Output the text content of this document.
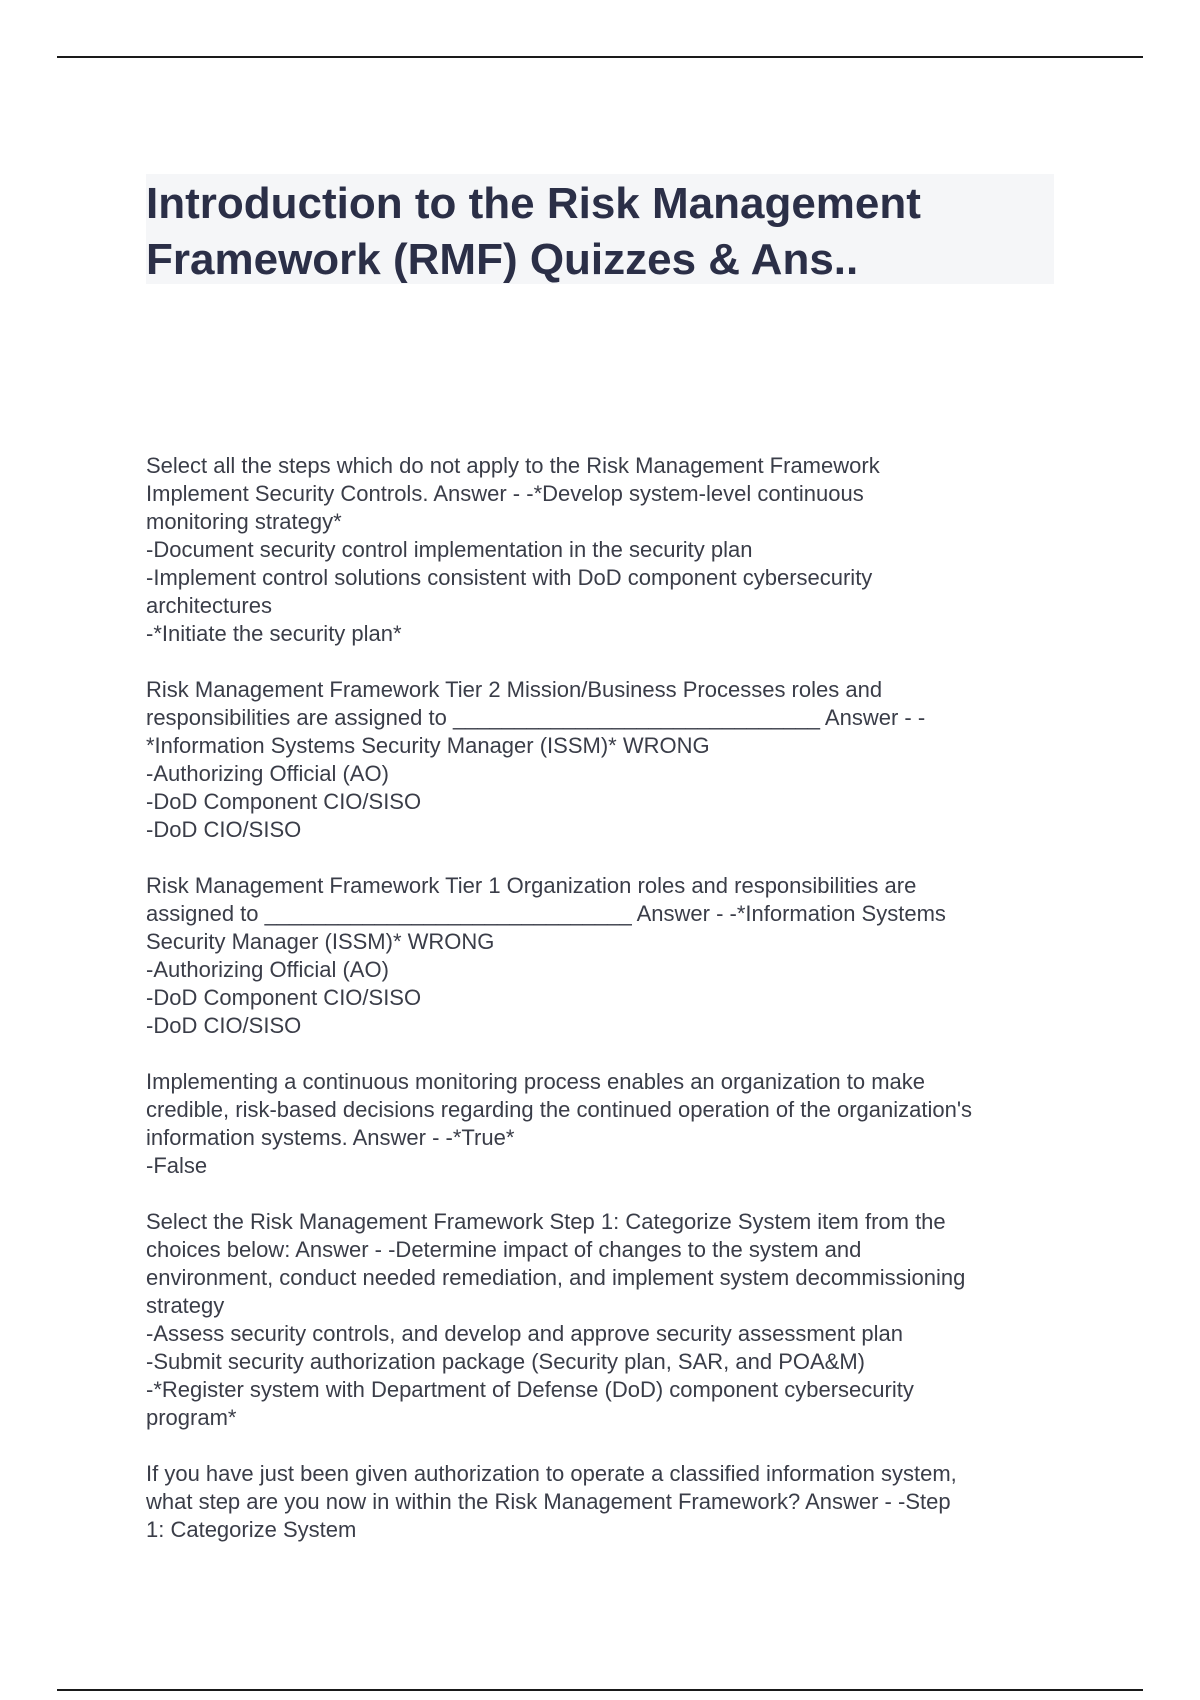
Introduction to the Risk Management
Framework (RMF) Quizzes & Ans..
Select all the steps which do not apply to the Risk Management Framework
Implement Security Controls. Answer - -*Develop system-level continuous
monitoring strategy*
-Document security control implementation in the security plan
-Implement control solutions consistent with DoD component cybersecurity
architectures
-*Initiate the security plan*
Risk Management Framework Tier 2 Mission/Business Processes roles and
responsibilities are assigned to ______________________________ Answer - -
*Information Systems Security Manager (ISSM)* WRONG
-Authorizing Official (AO)
-DoD Component CIO/SISO
-DoD CIO/SISO
Risk Management Framework Tier 1 Organization roles and responsibilities are
assigned to ______________________________ Answer - -*Information Systems
Security Manager (ISSM)* WRONG
-Authorizing Official (AO)
-DoD Component CIO/SISO
-DoD CIO/SISO
Implementing a continuous monitoring process enables an organization to make
credible, risk-based decisions regarding the continued operation of the organization's
information systems. Answer - -*True*
-False
Select the Risk Management Framework Step 1: Categorize System item from the
choices below: Answer - -Determine impact of changes to the system and
environment, conduct needed remediation, and implement system decommissioning
strategy
-Assess security controls, and develop and approve security assessment plan
-Submit security authorization package (Security plan, SAR, and POA&M)
-*Register system with Department of Defense (DoD) component cybersecurity
program*
If you have just been given authorization to operate a classified information system,
what step are you now in within the Risk Management Framework? Answer - -Step
1: Categorize System
